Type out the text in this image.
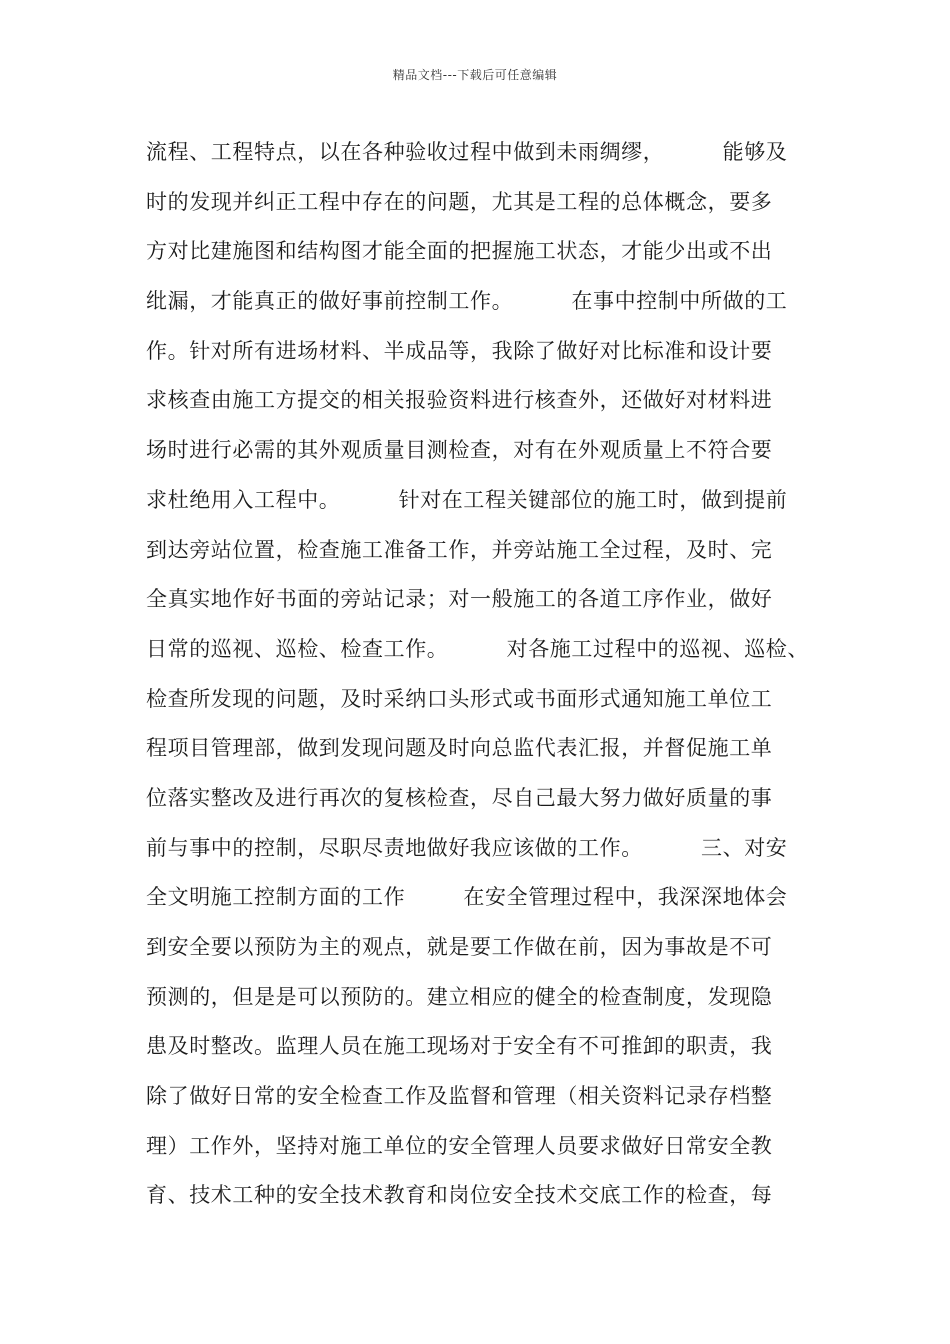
精品文档---下载后可任意编辑
流程、工程特点，以在各种验收过程中做到未雨绸缪，        能够及
时的发现并纠正工程中存在的问题，尤其是工程的总体概念，要多
方对比建施图和结构图才能全面的把握施工状态，才能少出或不出
纰漏，才能真正的做好事前控制工作。        在事中控制中所做的工
作。针对所有进场材料、半成品等，我除了做好对比标准和设计要
求核查由施工方提交的相关报验资料进行核查外，还做好对材料进
场时进行必需的其外观质量目测检查，对有在外观质量上不符合要
求杜绝用入工程中。        针对在工程关键部位的施工时，做到提前
到达旁站位置，检查施工准备工作，并旁站施工全过程，及时、完
全真实地作好书面的旁站记录；对一般施工的各道工序作业，做好
日常的巡视、巡检、检查工作。        对各施工过程中的巡视、巡检、
检查所发现的问题，及时采纳口头形式或书面形式通知施工单位工
程项目管理部，做到发现问题及时向总监代表汇报，并督促施工单
位落实整改及进行再次的复核检查，尽自己最大努力做好质量的事
前与事中的控制，尽职尽责地做好我应该做的工作。        三、对安
全文明施工控制方面的工作        在安全管理过程中，我深深地体会
到安全要以预防为主的观点，就是要工作做在前，因为事故是不可
预测的，但是是可以预防的。建立相应的健全的检查制度，发现隐
患及时整改。监理人员在施工现场对于安全有不可推卸的职责，我
除了做好日常的安全检查工作及监督和管理（相关资料记录存档整
理）工作外，坚持对施工单位的安全管理人员要求做好日常安全教
育、技术工种的安全技术教育和岗位安全技术交底工作的检查，每
